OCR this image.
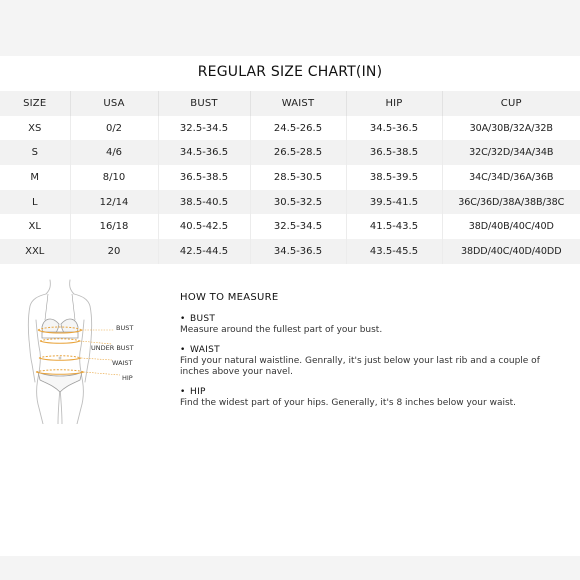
REGULAR SIZE CHART(IN)
SIZE	USA	BUST	WAIST	HIP	CUP
XS	0/2	32.5-34.5	24.5-26.5	34.5-36.5	30A/30B/32A/32B
S	4/6	34.5-36.5	26.5-28.5	36.5-38.5	32C/32D/34A/34B
M	8/10	36.5-38.5	28.5-30.5	38.5-39.5	34C/34D/36A/36B
L	12/14	38.5-40.5	30.5-32.5	39.5-41.5	36C/36D/38A/38B/38C
XL	16/18	40.5-42.5	32.5-34.5	41.5-43.5	38D/40B/40C/40D
XXL	20	42.5-44.5	34.5-36.5	43.5-45.5	38DD/40C/40D/40DD
BUST
UNDER BUST
WAIST
HIP
HOW TO MEASURE
• BUST
Measure around the fullest part of your bust.
• WAIST
Find your natural waistline. Genrally, it's just below your last rib and a couple of inches above your navel.
• HIP
Find the widest part of your hips. Generally, it's 8 inches below your waist.
